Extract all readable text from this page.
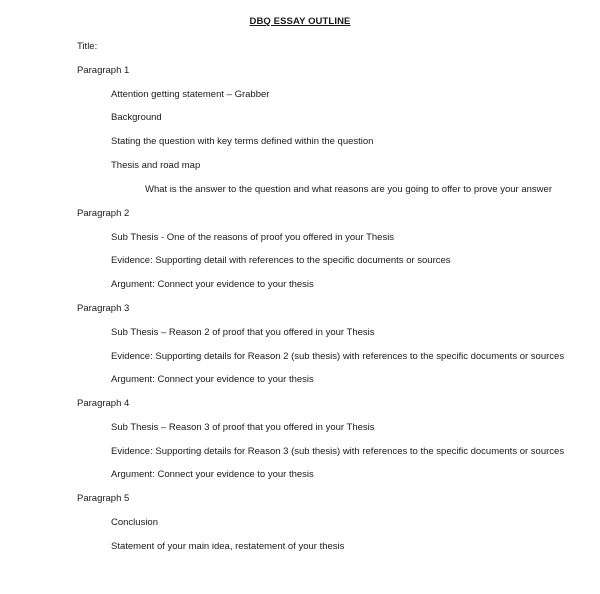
DBQ ESSAY OUTLINE
Title:
Paragraph 1
Attention getting statement – Grabber
Background
Stating the question with key terms defined within the question
Thesis and road map
What is the answer to the question and what reasons are you going to offer to prove your answer
Paragraph 2
Sub Thesis - One of the reasons of proof you offered in your Thesis
Evidence: Supporting detail with references to the specific documents or sources
Argument: Connect your evidence to your thesis
Paragraph 3
Sub Thesis – Reason 2 of proof that you offered in your Thesis
Evidence: Supporting details for Reason 2 (sub thesis) with references to the specific documents or sources
Argument: Connect your evidence to your thesis
Paragraph 4
Sub Thesis – Reason 3 of proof that you offered in your Thesis
Evidence: Supporting details for Reason 3 (sub thesis) with references to the specific documents or sources
Argument: Connect your evidence to your thesis
Paragraph 5
Conclusion
Statement of your main idea, restatement of your thesis
